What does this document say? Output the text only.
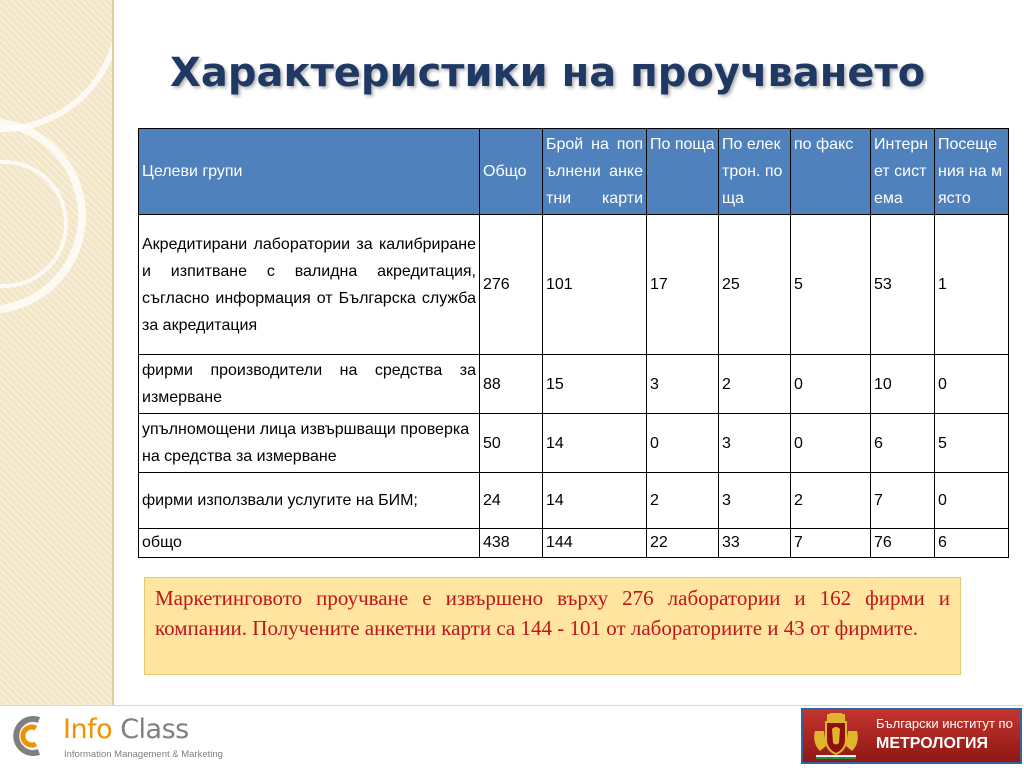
Характеристики на проучването
Целеви групи	Общо	Брой на попълнени анкетни карти	По поща	По електрон. поща	по факс	Интернет система	Посещения на място
Акредитирани лаборатории за калибриране и изпитване с валидна акредитация, съгласно информация от Българска служба за акредитация	276	101	17	25	5	53	1
фирми производители на средства за измерване	88	15	3	2	0	10	0
упълномощени лица извършващи проверка на средства за измерване	50	14	0	3	0	6	5
фирми използвали услугите на БИМ;	24	14	2	3	2	7	0
общо	438	144	22	33	7	76	6

Маркетинговото проучване е извършено върху 276 лаборатории и 162 фирми и компании. Получените анкетни карти са 144 - 101 от лабораториите и 43 от фирмите.

Info Class
Information Management & Marketing
Български институт по
МЕТРОЛОГИЯ
